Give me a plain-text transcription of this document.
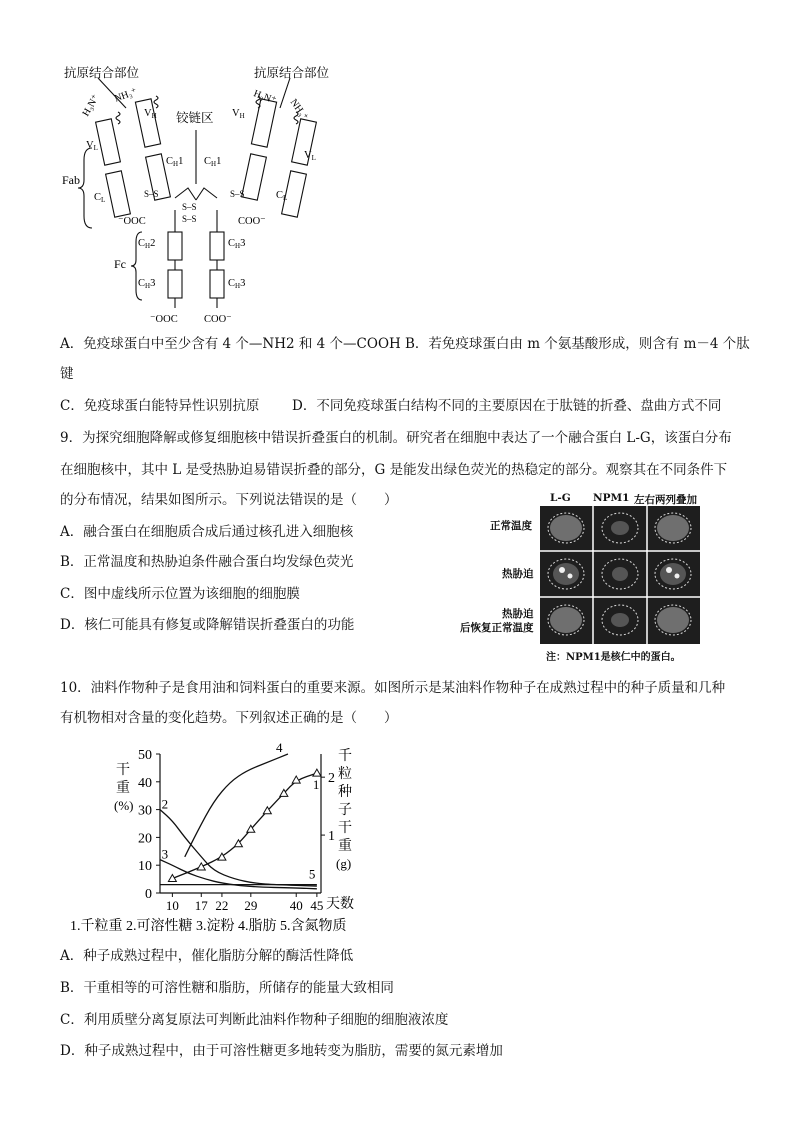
抗原结合部位	抗原结合部位
铰链区
Fab
Fc
H₃N⁺ NH₃⁺	H₃N⁺ NH₃⁺
VH
VL
CH1
CL
VH
VL
CH1
CL
CH2
CH3
CH3
CH3
S–S	S–S
S–S
S–S
⁻OOC	COO⁻
⁻OOC	COO⁻
A．免疫球蛋白中至少含有 4 个—NH2 和 4 个—COOH B．若免疫球蛋白由 m 个氨基酸形成，则含有 m－4 个肽
键
C．免疫球蛋白能特异性识别抗原 D．不同免疫球蛋白结构不同的主要原因在于肽链的折叠、盘曲方式不同
9．为探究细胞降解或修复细胞核中错误折叠蛋白的机制。研究者在细胞中表达了一个融合蛋白 L-G，该蛋白分布
在细胞核中，其中 L 是受热胁迫易错误折叠的部分，G 是能发出绿色荧光的热稳定的部分。观察其在不同条件下
的分布情况，结果如图所示。下列说法错误的是（　　）
A．融合蛋白在细胞质合成后通过核孔进入细胞核
B．正常温度和热胁迫条件融合蛋白均发绿色荧光
C．图中虚线所示位置为该细胞的细胞膜
D．核仁可能具有修复或降解错误折叠蛋白的功能
L-G NPM1 左右两列叠加
正常温度
热胁迫
热胁迫
后恢复正常温度
注：NPM1是核仁中的蛋白。
10．油料作物种子是食用油和饲料蛋白的重要来源。如图所示是某油料作物种子在成熟过程中的种子质量和几种
有机物相对含量的变化趋势。下列叙述正确的是（　　）
0
10
20
30
40
50
1
2
10 17 22 29 40 45
1
2
3
4
5
干
重
(%)
千
粒
种
子
干
重
(g)
天数
1.千粒重 2.可溶性糖 3.淀粉 4.脂肪 5.含氮物质
A．种子成熟过程中，催化脂肪分解的酶活性降低
B．干重相等的可溶性糖和脂肪，所储存的能量大致相同
C．利用质壁分离复原法可判断此油料作物种子细胞的细胞液浓度
D．种子成熟过程中，由于可溶性糖更多地转变为脂肪，需要的氮元素增加
